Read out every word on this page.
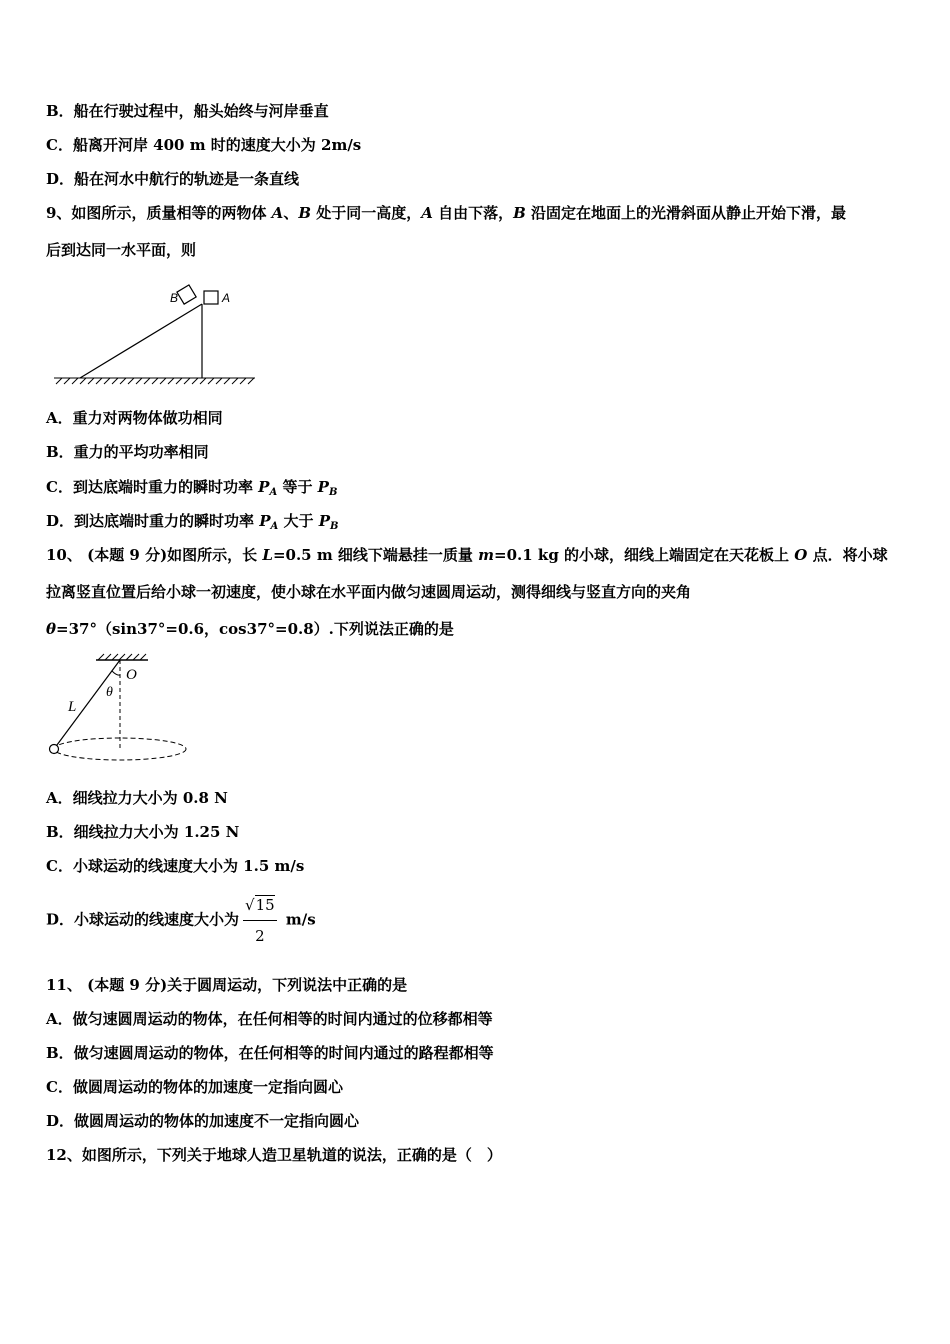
B．船在行驶过程中，船头始终与河岸垂直
C．船离开河岸 400 m 时的速度大小为 2m/s
D．船在河水中航行的轨迹是一条直线
9、如图所示，质量相等的两物体 A、B 处于同一高度，A 自由下落，B 沿固定在地面上的光滑斜面从静止开始下滑，最
后到达同一水平面，则
B	A
A．重力对两物体做功相同
B．重力的平均功率相同
C．到达底端时重力的瞬时功率 $P_A$ 等于 $P_B$
D．到达底端时重力的瞬时功率 $P_A$ 大于 $P_B$
10、 (本题 9 分)如图所示，长 L=0.5 m 细线下端悬挂一质量 m=0.1 kg 的小球，细线上端固定在天花板上 O 点．将小球
拉离竖直位置后给小球一初速度，使小球在水平面内做匀速圆周运动，测得细线与竖直方向的夹角
θ=37°（sin37°=0.6，cos37°=0.8）.下列说法正确的是
O
θ
L
A．细线拉力大小为 0.8 N
B．细线拉力大小为 1.25 N
C．小球运动的线速度大小为 1.5 m/s
D．小球运动的线速度大小为 $\frac{√15}{2} m/s$
11、 (本题 9 分)关于圆周运动，下列说法中正确的是
A．做匀速圆周运动的物体，在任何相等的时间内通过的位移都相等
B．做匀速圆周运动的物体，在任何相等的时间内通过的路程都相等
C．做圆周运动的物体的加速度一定指向圆心
D．做圆周运动的物体的加速度不一定指向圆心
12、如图所示，下列关于地球人造卫星轨道的说法，正确的是（　）
